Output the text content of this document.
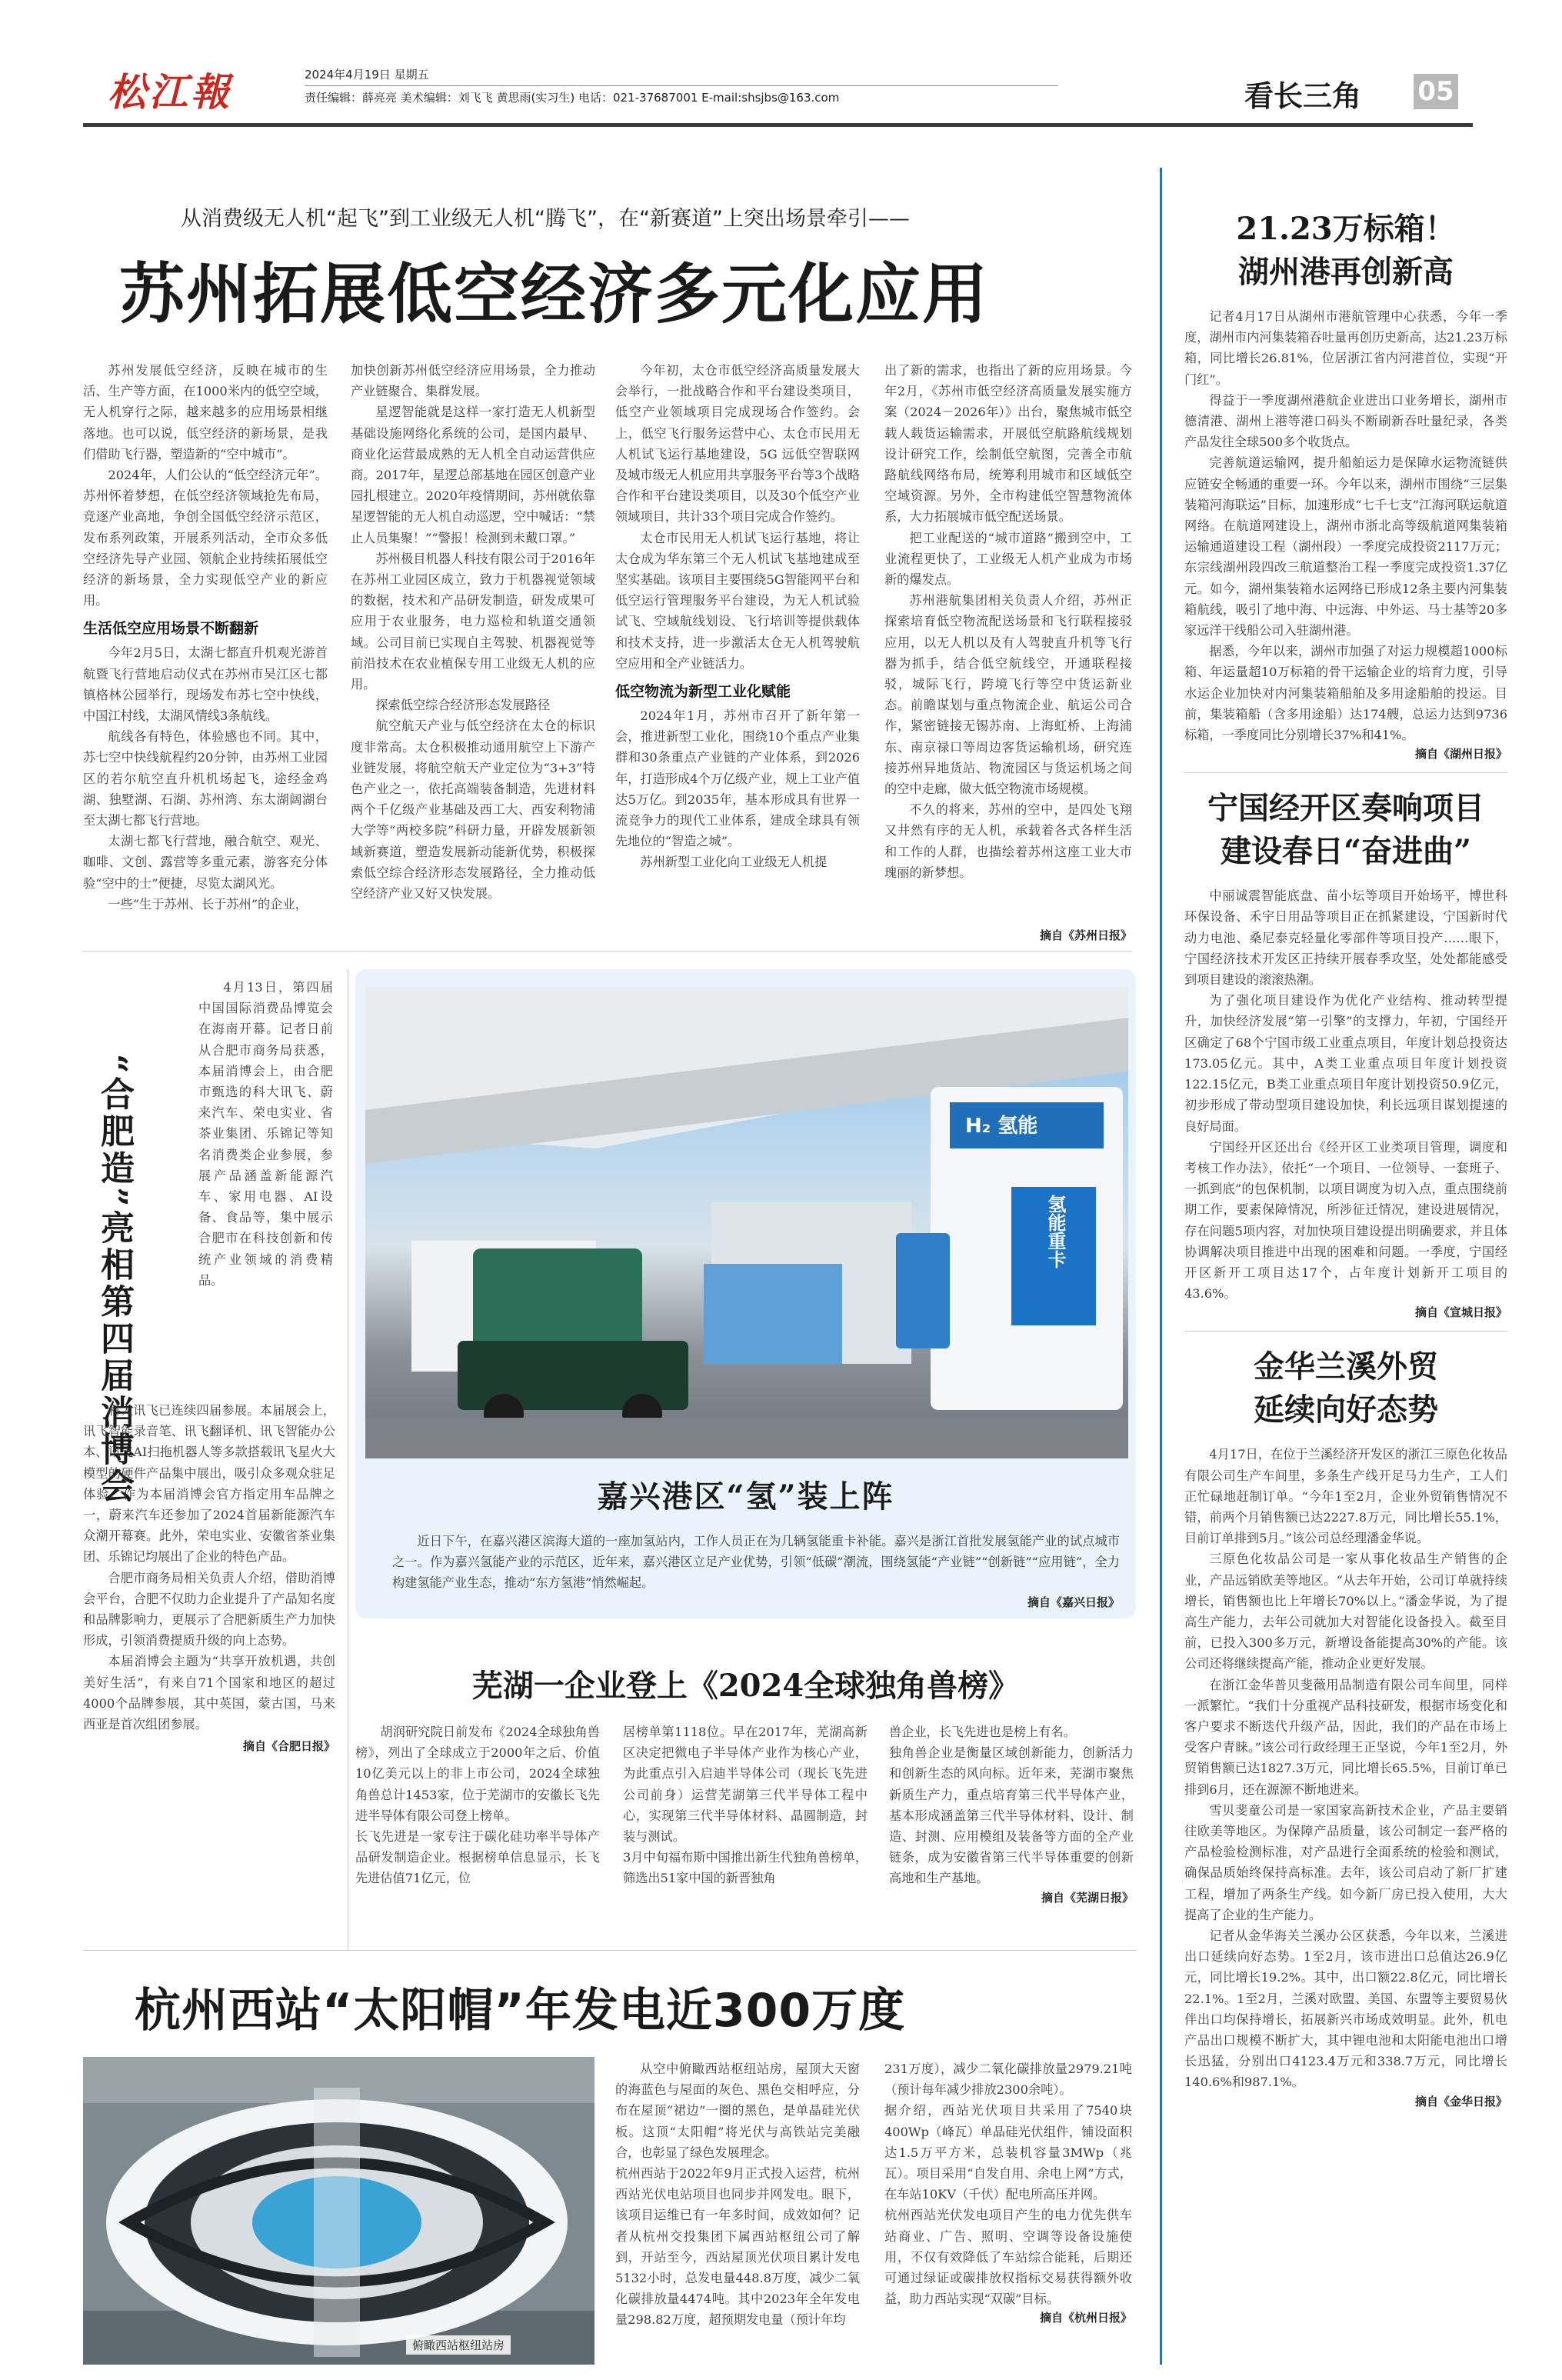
松江報	2024年4月19日 星期五
责任编辑：薛亮亮 美术编辑：刘飞飞 黄思雨(实习生) 电话：021-37687001 E-mail:shsjbs@163.com	看长三角 05
从消费级无人机“起飞”到工业级无人机“腾飞”，在“新赛道”上突出场景牵引——
苏州拓展低空经济多元化应用

苏州发展低空经济，反映在城市的生活、生产等方面，在1000米内的低空空域，无人机穿行之际，越来越多的应用场景相继落地。也可以说，低空经济的新场景，是我们借助飞行器，塑造新的“空中城市”。

2024年，人们公认的“低空经济元年”。苏州怀着梦想，在低空经济领域抢先布局，竞逐产业高地，争创全国低空经济示范区，发布系列政策，开展系列活动，全市众多低空经济先导产业园、领航企业持续拓展低空经济的新场景，全力实现低空产业的新应用。

生活低空应用场景不断翻新

今年2月5日，太湖七都直升机观光游首航暨飞行营地启动仪式在苏州市吴江区七都镇格林公园举行，现场发布苏七空中快线，中国江村线，太湖风情线3条航线。

航线各有特色，体验感也不同。其中，苏七空中快线航程约20分钟，由苏州工业园区的若尔航空直升机机场起飞，途经金鸡湖、独墅湖、石湖、苏州湾、东太湖阔湖台至太湖七都飞行营地。

太湖七都飞行营地，融合航空、观光、咖啡、文创、露营等多重元素，游客充分体验“空中的士”便捷，尽览太湖风光。

一些“生于苏州、长于苏州”的企业，

加快创新苏州低空经济应用场景，全力推动产业链聚合、集群发展。

星逻智能就是这样一家打造无人机新型基础设施网络化系统的公司，是国内最早、商业化运营最成熟的无人机全自动运营供应商。2017年，星逻总部基地在园区创意产业园扎根建立。2020年疫情期间，苏州就依靠星逻智能的无人机自动巡逻，空中喊话：“禁止人员集聚！”“警报！检测到未戴口罩。”

苏州极目机器人科技有限公司于2016年在苏州工业园区成立，致力于机器视觉领域的数据，技术和产品研发制造，研发成果可应用于农业服务，电力巡检和轨道交通领域。公司目前已实现自主驾驶、机器视觉等前沿技术在农业植保专用工业级无人机的应用。

探索低空综合经济形态发展路径

航空航天产业与低空经济在太仓的标识度非常高。太仓积极推动通用航空上下游产业链发展，将航空航天产业定位为“3+3”特色产业之一，依托高端装备制造，先进材料两个千亿级产业基础及西工大、西安利物浦大学等“两校多院”科研力量，开辟发展新领域新赛道，塑造发展新动能新优势，积极探索低空综合经济形态发展路径，全力推动低空经济产业又好又快发展。

今年初，太仓市低空经济高质量发展大会举行，一批战略合作和平台建设类项目，低空产业领域项目完成现场合作签约。会上，低空飞行服务运营中心、太仓市民用无人机试飞运行基地建设，5G 远低空智联网及城市级无人机应用共享服务平台等3个战略合作和平台建设类项目，以及30个低空产业领域项目，共计33个项目完成合作签约。

太仓市民用无人机试飞运行基地，将让太仓成为华东第三个无人机试飞基地建成至坚实基础。该项目主要围绕5G智能网平台和低空运行管理服务平台建设，为无人机试验试飞、空域航线划设、飞行培训等提供载体和技术支持，进一步激活太仓无人机驾驶航空应用和全产业链活力。

低空物流为新型工业化赋能

2024年1月，苏州市召开了新年第一会，推进新型工业化，围绕10个重点产业集群和30条重点产业链的产业体系，到2026年，打造形成4个万亿级产业，规上工业产值达5万亿。到2035年，基本形成具有世界一流竞争力的现代工业体系，建成全球具有领先地位的“智造之城”。

苏州新型工业化向工业级无人机提

出了新的需求，也指出了新的应用场景。今年2月，《苏州市低空经济高质量发展实施方案（2024－2026年）》出台，聚焦城市低空载人载货运输需求，开展低空航路航线规划设计研究工作，绘制低空航图，完善全市航路航线网络布局，统筹利用城市和区域低空空域资源。另外，全市构建低空智慧物流体系，大力拓展城市低空配送场景。

把工业配送的“城市道路”搬到空中，工业流程更快了，工业级无人机产业成为市场新的爆发点。

苏州港航集团相关负责人介绍，苏州正探索培育低空物流配送场景和飞行联程接驳应用，以无人机以及有人驾驶直升机等飞行器为抓手，结合低空航线空，开通联程接驳，城际飞行，跨境飞行等空中货运新业态。前瞻谋划与重点物流企业、航运公司合作，紧密链接无锡苏南、上海虹桥、上海浦东、南京禄口等周边客货运输机场，研究连接苏州异地货站、物流园区与货运机场之间的空中走廊，做大低空物流市场规模。

不久的将来，苏州的空中，是四处飞翔又井然有序的无人机，承载着各式各样生活和工作的人群，也描绘着苏州这座工业大市瑰丽的新梦想。

摘自《苏州日报》
“合肥造”亮相第四届消博会

4月13日，第四届中国国际消费品博览会在海南开幕。记者日前从合肥市商务局获悉，本届消博会上，由合肥市甄选的科大讯飞、蔚来汽车、荣电实业、省茶业集团、乐锦记等知名消费类企业参展，参展产品涵盖新能源汽车、家用电器、AI设备、食品等，集中展示合肥市在科技创新和传统产业领域的消费精品。

科大讯飞已连续四届参展。本届展会上，讯飞智能录音笔、讯飞翻译机、讯飞智能办公本、讯飞AI扫拖机器人等多款搭载讯飞星火大模型的硬件产品集中展出，吸引众多观众驻足体验。作为本届消博会官方指定用车品牌之一，蔚来汽车还参加了2024首届新能源汽车众潮开幕赛。此外，荣电实业、安徽省茶业集团、乐锦记均展出了企业的特色产品。

合肥市商务局相关负责人介绍，借助消博会平台，合肥不仅助力企业提升了产品知名度和品牌影响力，更展示了合肥新质生产力加快形成，引领消费提质升级的向上态势。

本届消博会主题为“共享开放机遇，共创美好生活”，有来自71个国家和地区的超过4000个品牌参展，其中英国，蒙古国，马来西亚是首次组团参展。

摘自《合肥日报》

H₂ 氢能
氢能重卡
嘉兴港区“氢”装上阵

近日下午，在嘉兴港区滨海大道的一座加氢站内，工作人员正在为几辆氢能重卡补能。嘉兴是浙江首批发展氢能产业的试点城市之一。作为嘉兴氢能产业的示范区，近年来，嘉兴港区立足产业优势，引领“低碳”潮流，围绕氢能“产业链”“创新链”“应用链”，全力构建氢能产业生态，推动“东方氢港”悄然崛起。

摘自《嘉兴日报》

芜湖一企业登上《2024全球独角兽榜》

胡润研究院日前发布《2024全球独角兽榜》，列出了全球成立于2000年之后、价值10亿美元以上的非上市公司，2024全球独角兽总计1453家，位于芜湖市的安徽长飞先进半导体有限公司登上榜单。
长飞先进是一家专注于碳化硅功率半导体产品研发制造企业。根据榜单信息显示，长飞先进估值71亿元，位

居榜单第1118位。早在2017年，芜湖高新区决定把微电子半导体产业作为核心产业，为此重点引入启迪半导体公司（现长飞先进公司前身）运营芜湖第三代半导体工程中心，实现第三代半导体材料、晶圆制造，封装与测试。
3月中旬福布斯中国推出新生代独角兽榜单，筛选出51家中国的新晋独角

兽企业，长飞先进也是榜上有名。
独角兽企业是衡量区域创新能力，创新活力和创新生态的风向标。近年来，芜湖市聚焦新质生产力，重点培育第三代半导体产业，基本形成涵盖第三代半导体材料、设计、制造、封测、应用模组及装备等方面的全产业链条，成为安徽省第三代半导体重要的创新高地和生产基地。

摘自《芜湖日报》

杭州西站“太阳帽”年发电近300万度
俯瞰西站枢纽站房

从空中俯瞰西站枢纽站房，屋顶大天窗的海蓝色与屋面的灰色、黑色交相呼应，分布在屋顶“裙边”一圈的黑色，是单晶硅光伏板。这顶“太阳帽”将光伏与高铁站完美融合，也彰显了绿色发展理念。
杭州西站于2022年9月正式投入运营，杭州西站光伏电站项目也同步并网发电。眼下，该项目运维已有一年多时间，成效如何？记者从杭州交投集团下属西站枢纽公司了解到，开站至今，西站屋顶光伏项目累计发电5132小时，总发电量448.8万度，减少二氧化碳排放量4474吨。其中2023年全年发电量298.82万度，超预期发电量（预计年均

231万度），减少二氧化碳排放量2979.21吨（预计每年减少排放2300余吨）。
据介绍，西站光伏项目共采用了7540块400Wp（峰瓦）单晶硅光伏组件，铺设面积达1.5万平方米，总装机容量3MWp（兆瓦）。项目采用“自发自用、余电上网”方式，在车站10KV（千伏）配电所高压并网。
杭州西站光伏发电项目产生的电力优先供车站商业、广告、照明、空调等设备设施使用，不仅有效降低了车站综合能耗，后期还可通过绿证或碳排放权指标交易获得额外收益，助力西站实现“双碳”目标。

摘自《杭州日报》

21.23万标箱！
湖州港再创新高

记者4月17日从湖州市港航管理中心获悉，今年一季度，湖州市内河集装箱吞吐量再创历史新高，达21.23万标箱，同比增长26.81%，位居浙江省内河港首位，实现“开门红”。

得益于一季度湖州港航企业进出口业务增长，湖州市德清港、湖州上港等港口码头不断刷新吞吐量纪录，各类产品发往全球500多个收货点。

完善航道运输网，提升船舶运力是保障水运物流链供应链安全畅通的重要一环。今年以来，湖州市围绕“三层集装箱河海联运”目标，加速形成“七千七支”江海河联运航道网络。在航道网建设上，湖州市浙北高等级航道网集装箱运输通道建设工程（湖州段）一季度完成投资2117万元；东宗线湖州段四改三航道整治工程一季度完成投资1.37亿元。如今，湖州集装箱水运网络已形成12条主要内河集装箱航线，吸引了地中海、中远海、中外运、马士基等20多家远洋干线船公司入驻湖州港。

据悉，今年以来，湖州市加强了对运力规模超1000标箱、年运量超10万标箱的骨干运输企业的培育力度，引导水运企业加快对内河集装箱船舶及多用途船舶的投运。目前，集装箱船（含多用途船）达174艘，总运力达到9736标箱，一季度同比分别增长37%和41%。

摘自《湖州日报》

宁国经开区奏响项目
建设春日“奋进曲”

中丽诚震智能底盘、苗小坛等项目开始场平，博世科环保设备、禾宇日用品等项目正在抓紧建设，宁国新时代动力电池、桑尼泰克轻量化零部件等项目投产……眼下，宁国经济技术开发区正持续开展春季攻坚，处处都能感受到项目建设的滚滚热潮。

为了强化项目建设作为优化产业结构、推动转型提升，加快经济发展“第一引擎”的支撑力，年初，宁国经开区确定了68个宁国市级工业重点项目，年度计划总投资达173.05亿元。其中，A类工业重点项目年度计划投资122.15亿元，B类工业重点项目年度计划投资50.9亿元，初步形成了带动型项目建设加快，利长远项目谋划提速的良好局面。

宁国经开区还出台《经开区工业类项目管理，调度和考核工作办法》，依托“一个项目、一位领导、一套班子、一抓到底”的包保机制，以项目调度为切入点，重点围绕前期工作，要素保障情况，所涉征迁情况，建设进展情况，存在问题5项内容，对加快项目建设提出明确要求，并且体协调解决项目推进中出现的困难和问题。一季度，宁国经开区新开工项目达17个，占年度计划新开工项目的43.6%。

摘自《宣城日报》

金华兰溪外贸
延续向好态势

4月17日，在位于兰溪经济开发区的浙江三原色化妆品有限公司生产车间里，多条生产线开足马力生产，工人们正忙碌地赶制订单。“今年1至2月，企业外贸销售情况不错，前两个月销售额已达2227.8万元，同比增长55.1%，目前订单排到5月。”该公司总经理潘金华说。

三原色化妆品公司是一家从事化妆品生产销售的企业，产品远销欧美等地区。“从去年开始，公司订单就持续增长，销售额也比上年增长70%以上。”潘金华说，为了提高生产能力，去年公司就加大对智能化设备投入。截至目前，已投入300多万元，新增设备能提高30%的产能。该公司还将继续提高产能，推动企业更好发展。

在浙江金华普贝斐薇用品制造有限公司车间里，同样一派繁忙。“我们十分重视产品科技研发，根据市场变化和客户要求不断迭代升级产品，因此，我们的产品在市场上受客户青睐。”该公司行政经理王正坚说，今年1至2月，外贸销售额已达1827.3万元，同比增长65.5%，目前订单已排到6月，还在源源不断地进来。

雪贝斐童公司是一家国家高新技术企业，产品主要销往欧美等地区。为保障产品质量，该公司制定一套严格的产品检验检测标准，对产品进行全面系统的检验和测试，确保品质始终保持高标准。去年，该公司启动了新厂扩建工程，增加了两条生产线。如今新厂房已投入使用，大大提高了企业的生产能力。

记者从金华海关兰溪办公区获悉，今年以来，兰溪进出口延续向好态势。1至2月，该市进出口总值达26.9亿元，同比增长19.2%。其中，出口额22.8亿元，同比增长22.1%。1至2月，兰溪对欧盟、美国、东盟等主要贸易伙伴出口均保持增长，拓展新兴市场成效明显。此外，机电产品出口规模不断扩大，其中锂电池和太阳能电池出口增长迅猛，分别出口4123.4万元和338.7万元，同比增长140.6%和987.1%。

摘自《金华日报》
